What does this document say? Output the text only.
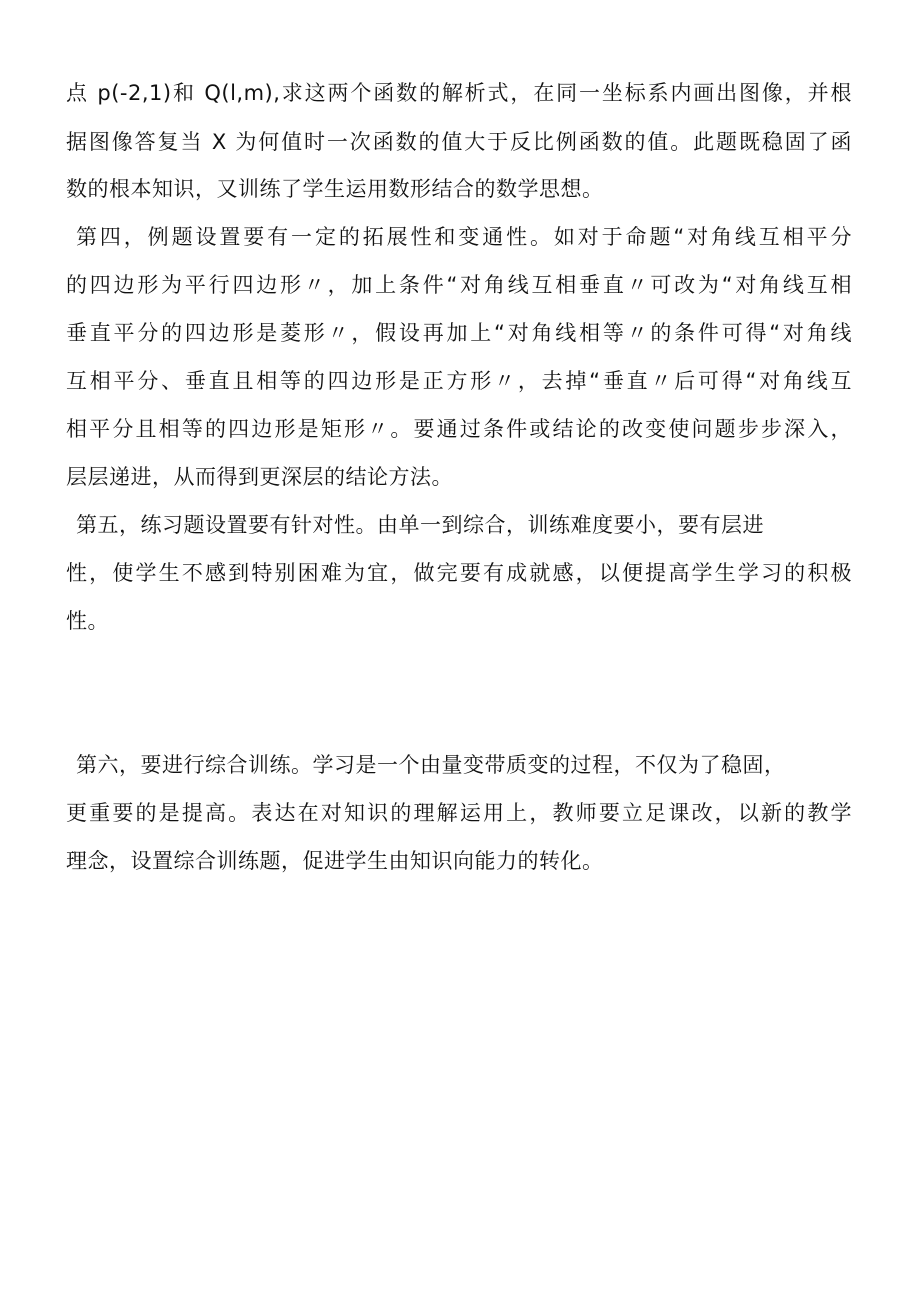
点 p(-2,1)和 Q(l,m),求这两个函数的解析式，在同一坐标系内画出图像，并根
据图像答复当 X 为何值时一次函数的值大于反比例函数的值。此题既稳固了函
数的根本知识，又训练了学生运用数形结合的数学思想。
第四，例题设置要有一定的拓展性和变通性。如对于命题“对角线互相平分
的四边形为平行四边形〃，加上条件“对角线互相垂直〃可改为“对角线互相
垂直平分的四边形是菱形〃，假设再加上“对角线相等〃的条件可得“对角线
互相平分、垂直且相等的四边形是正方形〃，去掉“垂直〃后可得“对角线互
相平分且相等的四边形是矩形〃。要通过条件或结论的改变使问题步步深入，
层层递进，从而得到更深层的结论方法。
第五，练习题设置要有针对性。由单一到综合，训练难度要小，要有层进
性，使学生不感到特别困难为宜，做完要有成就感，以便提高学生学习的积极
性。
第六，要进行综合训练。学习是一个由量变带质变的过程，不仅为了稳固，
更重要的是提高。表达在对知识的理解运用上，教师要立足课改，以新的教学
理念，设置综合训练题，促进学生由知识向能力的转化。
